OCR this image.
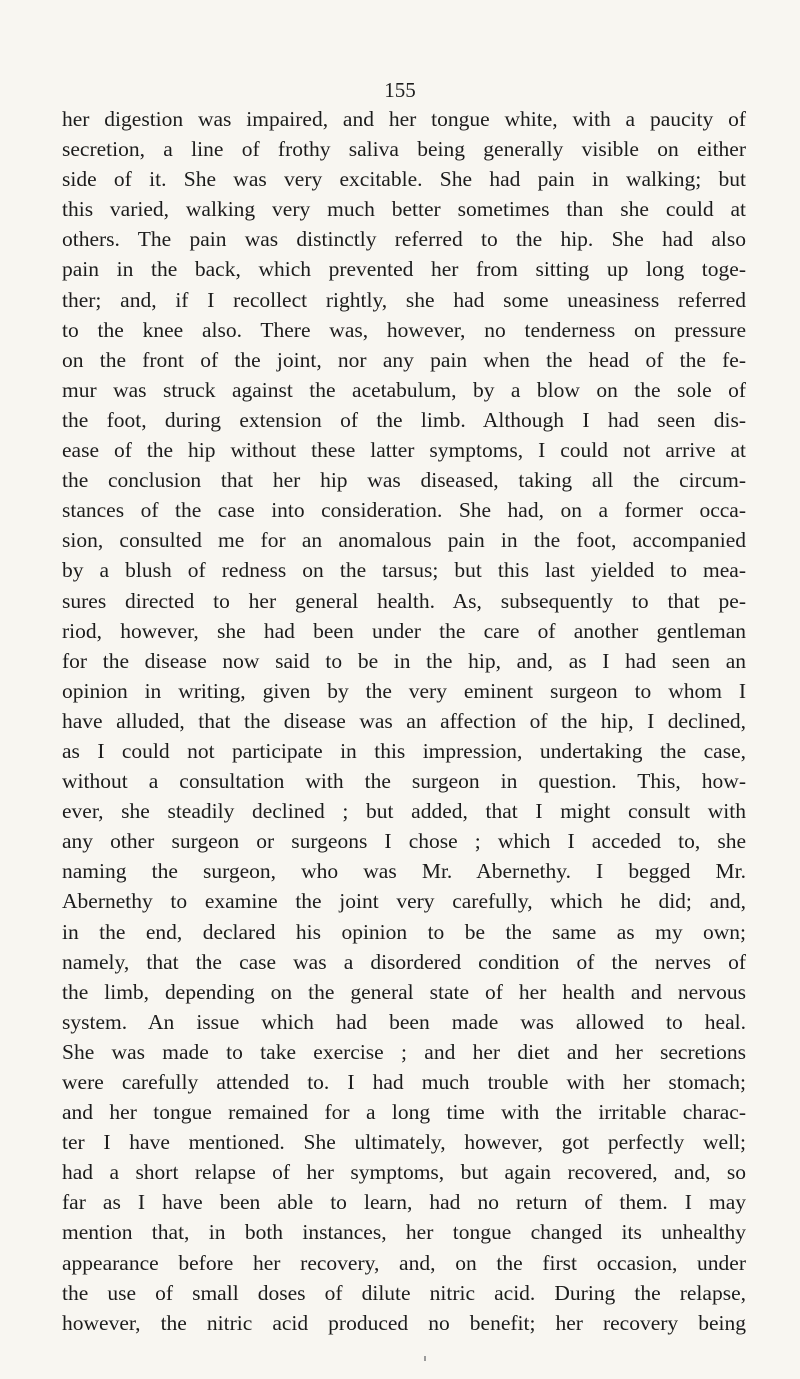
155
her digestion was impaired, and her tongue white, with a paucity of
secretion, a line of frothy saliva being generally visible on either
side of it. She was very excitable. She had pain in walking; but
this varied, walking very much better sometimes than she could at
others. The pain was distinctly referred to the hip. She had also
pain in the back, which prevented her from sitting up long toge-
ther; and, if I recollect rightly, she had some uneasiness referred
to the knee also. There was, however, no tenderness on pressure
on the front of the joint, nor any pain when the head of the fe-
mur was struck against the acetabulum, by a blow on the sole of
the foot, during extension of the limb. Although I had seen dis-
ease of the hip without these latter symptoms, I could not arrive at
the conclusion that her hip was diseased, taking all the circum-
stances of the case into consideration. She had, on a former occa-
sion, consulted me for an anomalous pain in the foot, accompanied
by a blush of redness on the tarsus; but this last yielded to mea-
sures directed to her general health. As, subsequently to that pe-
riod, however, she had been under the care of another gentleman
for the disease now said to be in the hip, and, as I had seen an
opinion in writing, given by the very eminent surgeon to whom I
have alluded, that the disease was an affection of the hip, I declined,
as I could not participate in this impression, undertaking the case,
without a consultation with the surgeon in question. This, how-
ever, she steadily declined ; but added, that I might consult with
any other surgeon or surgeons I chose ; which I acceded to, she
naming the surgeon, who was Mr. Abernethy. I begged Mr.
Abernethy to examine the joint very carefully, which he did; and,
in the end, declared his opinion to be the same as my own;
namely, that the case was a disordered condition of the nerves of
the limb, depending on the general state of her health and nervous
system. An issue which had been made was allowed to heal.
She was made to take exercise ; and her diet and her secretions
were carefully attended to. I had much trouble with her stomach;
and her tongue remained for a long time with the irritable charac-
ter I have mentioned. She ultimately, however, got perfectly well;
had a short relapse of her symptoms, but again recovered, and, so
far as I have been able to learn, had no return of them. I may
mention that, in both instances, her tongue changed its unhealthy
appearance before her recovery, and, on the first occasion, under
the use of small doses of dilute nitric acid. During the relapse,
however, the nitric acid produced no benefit; her recovery being
